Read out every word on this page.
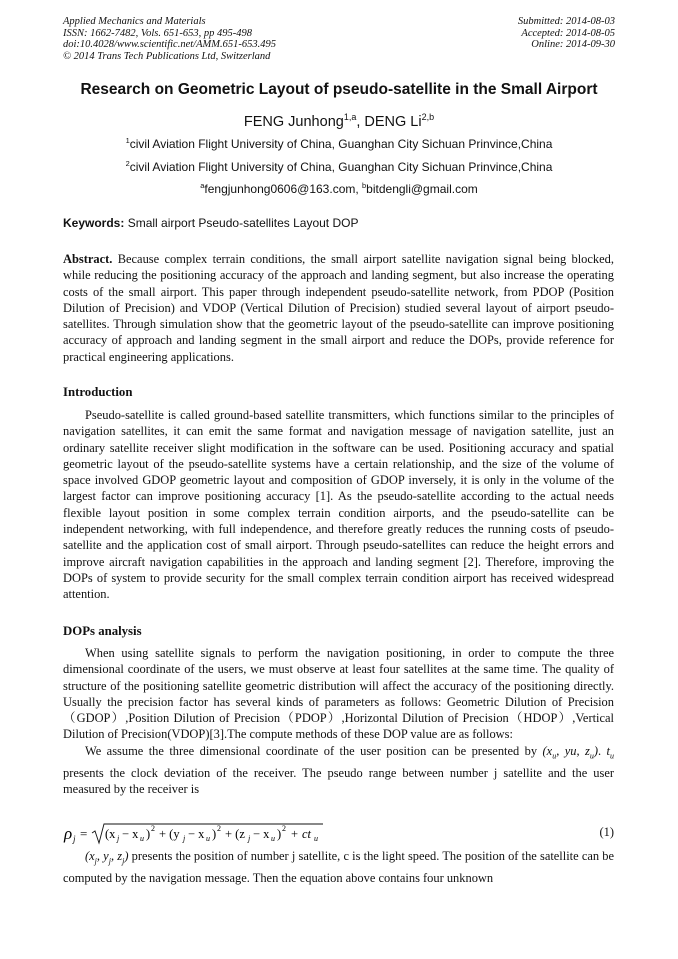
Applied Mechanics and Materials
ISSN: 1662-7482, Vols. 651-653, pp 495-498
doi:10.4028/www.scientific.net/AMM.651-653.495
© 2014 Trans Tech Publications Ltd, Switzerland
Submitted: 2014-08-03
Accepted: 2014-08-05
Online: 2014-09-30
Research on Geometric Layout of pseudo-satellite in the Small Airport
FENG Junhong$^{1,a}$, DENG Li$^{2,b}$
$^1$civil Aviation Flight University of China, Guanghan City Sichuan Prinvince,China
$^2$civil Aviation Flight University of China, Guanghan City Sichuan Prinvince,China
$^a$fengjunhong0606@163.com, $^b$bitdengli@gmail.com
Keywords: Small airport Pseudo-satellites Layout DOP

Abstract. Because complex terrain conditions, the small airport satellite navigation signal being blocked, while reducing the positioning accuracy of the approach and landing segment, but also increase the operating costs of the small airport. This paper through independent pseudo-satellite network, from PDOP (Position Dilution of Precision) and VDOP (Vertical Dilution of Precision) studied several layout of airport pseudo-satellites. Through simulation show that the geometric layout of the pseudo-satellite can improve positioning accuracy of approach and landing segment in the small airport and reduce the DOPs, provide reference for practical engineering applications.

Introduction

Pseudo-satellite is called ground-based satellite transmitters, which functions similar to the principles of navigation satellites, it can emit the same format and navigation message of navigation satellite, just an ordinary satellite receiver slight modification in the software can be used. Positioning accuracy and spatial geometric layout of the pseudo-satellite systems have a certain relationship, and the size of the volume of space involved GDOP geometric layout and composition of GDOP inversely, it is only in the volume of the largest factor can improve positioning accuracy [1]. As the pseudo-satellite according to the actual needs flexible layout position in some complex terrain condition airports, and the pseudo-satellite can be independent networking, with full independence, and therefore greatly reduces the running costs of pseudo-satellite and the application cost of small airport. Through pseudo-satellites can reduce the height errors and improve aircraft navigation capabilities in the approach and landing segment [2]. Therefore, improving the DOPs of system to provide security for the small complex terrain condition airport has received widespread attention.

DOPs analysis

When using satellite signals to perform the navigation positioning, in order to compute the three dimensional coordinate of the users, we must observe at least four satellites at the same time. The quality of structure of the positioning satellite geometric distribution will affect the accuracy of the positioning directly. Usually the precision factor has several kinds of parameters as follows: Geometric Dilution of Precision（GDOP）,Position Dilution of Precision（PDOP）,Horizontal Dilution of Precision（HDOP）,Vertical Dilution of Precision(VDOP)[3].The compute methods of these DOP value are as follows:

We assume the three dimensional coordinate of the user position can be presented by ($x_u$, yu, $z_u$). $t_u$ presents the clock deviation of the receiver. The pseudo range between number j satellite and the user measured by the receiver is

ρ j = (x j − x u ) 2 + (y j − x u ) 2 + (z j − x u ) 2 + ct u	(1)

($x_j$, $y_j$, $z_j$) presents the position of number j satellite, c is the light speed. The position of the satellite can be computed by the navigation message. Then the equation above contains four unknown
